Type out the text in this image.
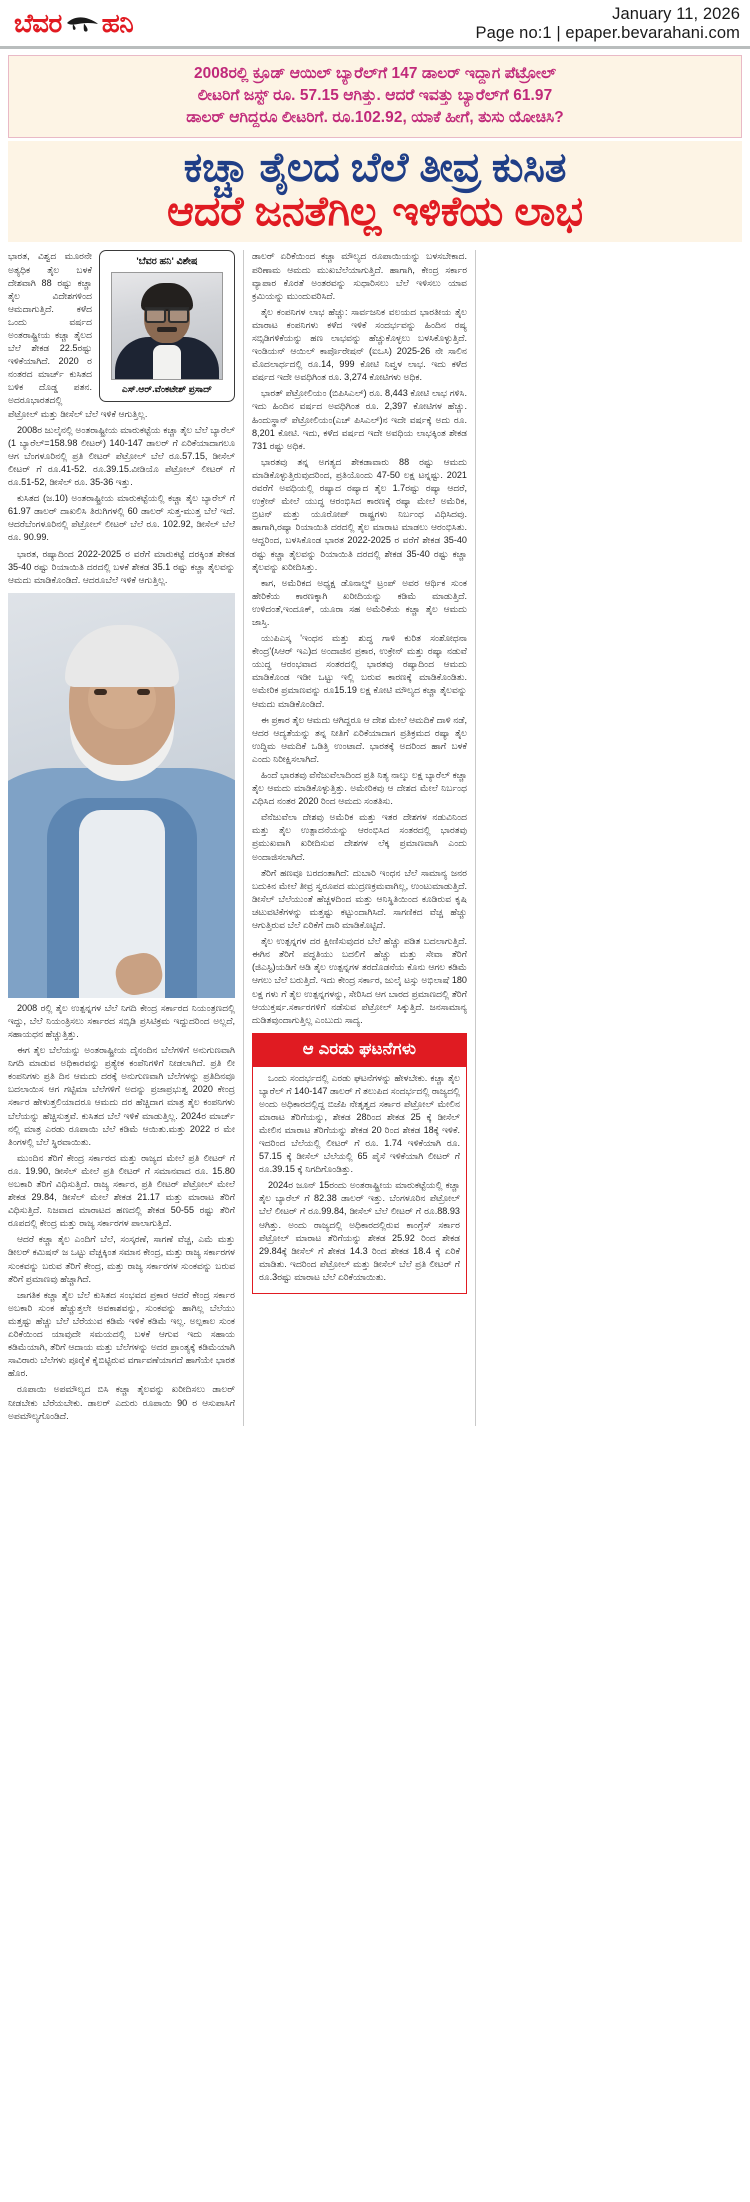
ಬೆವರ ಹನಿ	January 11, 2026
Page no:1 | epaper.bevarahani.com
2008ರಲ್ಲಿ ಕ್ರೂಡ್ ಆಯಿಲ್ ಬ್ಯಾರೆಲ್‌ಗೆ 147 ಡಾಲರ್ ಇದ್ದಾಗ ಪೆಟ್ರೋಲ್
ಲೀಟರಿಗೆ ಜಸ್ಟ್ ರೂ. 57.15 ಆಗಿತ್ತು. ಆದರೆ ಇವತ್ತು ಬ್ಯಾರೆಲ್‌ಗೆ 61.97
ಡಾಲರ್ ಆಗಿದ್ದರೂ ಲೀಟರಿಗೆ. ರೂ.102.92, ಯಾಕೆ ಹೀಗೆ, ತುಸು ಯೋಚಿಸಿ?
ಕಚ್ಚಾ ತೈಲದ ಬೆಲೆ ತೀವ್ರ ಕುಸಿತ
ಆದರೆ ಜನತೆಗಿಲ್ಲ ಇಳಿಕೆಯ ಲಾಭ
'ಬೆವರ ಹನಿ' ವಿಶೇಷ
ಎಸ್.ಆರ್.ವೆಂಕಟೇಶ್ ಪ್ರಸಾದ್

ಭಾರತ, ವಿಶ್ವದ ಮೂರನೇ ಅತ್ಯಧಿಕ ತೈಲ ಬಳಕೆ ದೇಶವಾಗಿ 88 ರಷ್ಟು ಕಚ್ಚಾ ತೈಲ ವಿದೇಶಗಳಿಂದ ಆಮದಾಗುತ್ತಿದೆ. ಕಳೆದ ಒಂದು ವರ್ಷದ ಅಂತರಾಷ್ಟ್ರೀಯ ಕಚ್ಚಾ ತೈಲದ ಬೆಲೆ ಶೇಕಡ 22.5ರಷ್ಟು ಇಳಿಕೆಯಾಗಿದೆ. 2020 ರ ನಂತರದ ಮಾರ್ಚ್ ಕುಸಿತದ ಬಳಿಕ ದೊಡ್ಡ ಪತನ. ಅದರೂಭಾರತದಲ್ಲಿ ಪೆಟ್ರೋಲ್ ಮತ್ತು ಡೀಸೆಲ್ ಬೆಲೆ ಇಳಿಕೆ ಆಗುತ್ತಿಲ್ಲ.

2008ರ ಜುಲೈನಲ್ಲಿ ಅಂತರಾಷ್ಟ್ರೀಯ ಮಾರುಕಟ್ಟೆಯ ಕಚ್ಚಾ ತೈಲ ಬೆಲೆ ಬ್ಯಾರೆಲ್ (1 ಬ್ಯಾರೆಲ್=158.98 ಲೀಟರ್) 140-147 ಡಾಲರ್ ಗೆ ಏರಿಕೆಯಾದಾಗಲೂ ಆಗ ಬೆಂಗಳೂರಿನಲ್ಲಿ ಪ್ರತಿ ಲೀಟರ್ ಪೆಟ್ರೋಲ್ ಬೆಲೆ ರೂ.57.15, ಡೀಸೆಲ್ ಲೀಟರ್ ಗೆ ರೂ.41-52. ರೂ.39.15.ವೀಡಿಯೊ ಪೆಟ್ರೋಲ್ ಲೀಟರ್ ಗೆ ರೂ.51-52, ಡೀಸೆಲ್ ರೂ. 35-36 ಇತ್ತು.

ಕುಸಿತದ (ಜ.10) ಅಂತರಾಷ್ಟ್ರೀಯ ಮಾರುಕಟ್ಟೆಯಲ್ಲಿ ಕಚ್ಚಾ ತೈಲ ಬ್ಯಾರೆಲ್ ಗೆ 61.97 ಡಾಲರ್ ದಾಖಲಿಸಿ ತಿರುಗಿಗಳಲ್ಲಿ 60 ಡಾಲರ್ ಸುತ್ತ-ಮುತ್ತ ಬೆಲೆ ಇದೆ. ಆದರೆಬೆಂಗಳೂರಿನಲ್ಲಿ ಪೆಟ್ರೋಲ್ ಲೀಟರ್ ಬೆಲೆ ರೂ. 102.92, ಡೀಸೆಲ್ ಬೆಲೆ ರೂ. 90.99.

ಭಾರತ, ರಷ್ಯಾದಿಂದ 2022-2025 ರ ವರೆಗೆ ಮಾರುಕಟ್ಟೆ ದರಕ್ಕಿಂತ ಶೇಕಡ 35-40 ರಷ್ಟು ರಿಯಾಯಿತಿ ದರದಲ್ಲಿ ಬಳಕೆ ಶೇಕಡ 35.1 ರಷ್ಟು ಕಚ್ಚಾ ತೈಲವನ್ನು ಆಮದು ಮಾಡಿಕೊಂಡಿದೆ. ಆದರೂಬೆಲೆ ಇಳಿಕೆ ಆಗುತ್ತಿಲ್ಲ.

2008 ರಲ್ಲಿ ತೈಲ ಉತ್ಪನ್ನಗಳ ಬೆಲೆ ನಿಗದಿ ಕೇಂದ್ರ ಸರ್ಕಾರದ ನಿಯಂತ್ರಣದಲ್ಲಿ ಇದ್ದು, ಬೆಲೆ ನಿಯಂತ್ರಿಸಲು ಸರ್ಕಾರದ ಸಬ್ಸಿಡಿ ಪ್ರಸಿಟಿಕ್ರಮ ಇದ್ದುದರಿಂದ ಅಲ್ಲದೆ, ಸಹಾಯಧನ ಹೆಚ್ಚುತ್ತಿತ್ತು.

ಈಗ ತೈಲ ಬೆಲೆಯನ್ನು ಅಂತರಾಷ್ಟ್ರೀಯ ದೈನಂದಿನ ಬೆಲೆಗಳಿಗೆ ಅನುಗುಣವಾಗಿ ನಿಗದಿ ಮಾಡುವ ಅಧಿಕಾರವನ್ನು ಪ್ರತ್ಯೇಕ ಕಂಪೆನಿಗಳಿಗೆ ನೀಡಲಾಗಿದೆ. ಪ್ರತಿ ಲೀ ಕಂಪನಿಗಳು ಪ್ರತಿ ದಿನ ಆಮದು ದರಕ್ಕೆ ಅನುಗುಣವಾಗಿ ಬೆಲೆಗಳನ್ನು ಪ್ರತಿದಿನವೂ ಬದಲಾಯಿಸ ಆಗ ಗಟ್ಟಿಮಾ ಬೆಲೆಗಳಿಗೆ ಅದನ್ನು ಪ್ರಜಾಪ್ರಭುತ್ವ 2020 ಕೇಂದ್ರ ಸರ್ಕಾರ ಹೇಳುತ್ತಲಿಯಾದರೂ ಆಮದು ದರ ಹೆಚ್ಚಿದಾಗ ಮಾತ್ರ ತೈಲ ಕಂಪನಿಗಳು ಬೆಲೆಯನ್ನು ಹೆಚ್ಚಿಸುತ್ತವೆ. ಕುಸಿತದ ಬೆಲೆ ಇಳಿಕೆ ಮಾಡುತ್ತಿಲ್ಲ. 2024ರ ಮಾರ್ಚ್ ನಲ್ಲಿ ಮಾತ್ರ ಎರಡು ರೂಪಾಯಿ ಬೆಲೆ ಕಡಿಮೆ ಆಯಿತು.ಮತ್ತು 2022 ರ ಮೇ ತಿಂಗಳಲ್ಲಿ ಬೆಲೆ ಸ್ಥಿರವಾಯಿತು.

ಮುಂದಿನ ತೆರಿಗೆ ಕೇಂದ್ರ ಸರ್ಕಾರದ ಮತ್ತು ರಾಜ್ಯದ ಮೇಲೆ ಪ್ರತಿ ಲೀಟರ್ ಗೆ ರೂ. 19.90, ಡೀಸೆಲ್ ಮೇಲೆ ಪ್ರತಿ ಲೀಟರ್ ಗೆ ಸಮಾನವಾದ ರೂ. 15.80 ಅಬಕಾರಿ ತೆರಿಗೆ ವಿಧಿಸುತ್ತಿದೆ. ರಾಜ್ಯ ಸರ್ಕಾರ, ಪ್ರತಿ ಲೀಟರ್ ಪೆಟ್ರೋಲ್ ಮೇಲೆ ಶೇಕಡ 29.84, ಡೀಸೆಲ್ ಮೇಲೆ ಶೇಕಡ 21.17 ಮತ್ತು ಮಾರಾಟ ತೆರಿಗೆ ವಿಧಿಸುತ್ತಿದೆ. ನಿಜವಾದ ಮಾರಾಟದ ಹಣದಲ್ಲಿ ಶೇಕಡ 50-55 ರಷ್ಟು ತೆರಿಗೆ ರೂಪದಲ್ಲಿ ಕೇಂದ್ರ ಮತ್ತು ರಾಜ್ಯ ಸರ್ಕಾರಗಳ ಪಾಲಾಗುತ್ತಿದೆ.

ಆದರೆ ಕಚ್ಚಾ ತೈಲ ಎಂದಿಗೆ ಬೆಲೆ, ಸಂಸ್ಕರಣೆ, ಸಾಗಣೆ ವೆಚ್ಚ, ಎಮೆ ಮತ್ತು ಡೀಲರ್ ಕಮಿಷನ್ ಜ ಒಟ್ಟು ವೆಚ್ಚಕ್ಕಿಂತ ಸಮಾನ ಕೇಂದ್ರ, ಮತ್ತು ರಾಜ್ಯ ಸರ್ಕಾರಗಳ ಸುಂಕವನ್ನು ಬರುವ ತೆರಿಗೆ ಕೇಂದ್ರ, ಮತ್ತು ರಾಜ್ಯ ಸರ್ಕಾರಗಳ ಸುಂಕವನ್ನು ಬರುವ ತೆರಿಗೆ ಪ್ರಮಾಣವು ಹೆಚ್ಚಾಗಿದೆ.

ಜಾಗತಿಕ ಕಚ್ಚಾ ತೈಲ ಬೆಲೆ ಕುಸಿತದ ಸಂಭವದ ಪ್ರಕಾರ ಆದರೆ ಕೇಂದ್ರ ಸರ್ಕಾರ ಅಬಕಾರಿ ಸುಂಕ ಹೆಚ್ಚುತ್ತಲೇ ಅವಕಾಶವನ್ನು, ಸುಂಕವನ್ನು ಹಾಗಿಲ್ಲ ಬೆಲೆಯು ಮತ್ತಷ್ಟು ಹೆಚ್ಚು ಬೆಲೆ ಬೆರೆಯುವ ಕಡಿಮೆ ಇಳಿಕೆ ಕಡಿಮೆ ಇಲ್ಲ. ಅಲ್ಪಕಾಲ ಸುಂಕ ಏರಿಕೆಯಿಂದ ಯಾವುದೇ ಸಮಯದಲ್ಲಿ ಬಳಕೆ ಆಗುವ ಇದು ಸಹಾಯ ಕಡಿಮೆಯಾಗಿ, ತೆರಿಗೆ ಆದಾಯ ಮತ್ತು ಬೆಲೆಗಳನ್ನು ಅದರ ಪ್ರಾಂತ್ಯಕ್ಕೆ ಕಡಿಮೆಯಾಗಿ ಸಾವಿರಾರು ಬೆಲೆಗಳು ಪೂರೈಕೆ ಕೈಬಿಟ್ಟಿರುವ ವರ್ಗಾವಣೆಯಾಗದೆ ಹಾಗೆಯೇ ಭಾರತ ಹೊರ.

ರೂಪಾಯಿ ಅಪಮೌಲ್ಯದ ಬಿಸಿ ಕಚ್ಚಾ ತೈಲವನ್ನು ಖರೀದಿಸಲು ಡಾಲರ್ ನೀಡಬೇಕು ಬೆರೆಯಬೇಕು. ಡಾಲರ್ ಎದುರು ರೂಪಾಯಿ 90 ರ ಆಸುಪಾಸಿಗೆ ಅಪಮೌಲ್ಯಗೊಂಡಿದೆ.

ಡಾಲರ್ ಏರಿಕೆಯಿಂದ ಕಚ್ಚಾ ಮೌಲ್ಯದ ರೂಪಾಯಿಯನ್ನು ಬಳಸಬೇಕಾದ. ಪರಿಣಾಮ ಆಮದು ಮುಖಬೆಲೆಯಾಗುತ್ತಿದೆ. ಹಾಗಾಗಿ, ಕೇಂದ್ರ ಸರ್ಕಾರ ವ್ಯಾಪಾರ ಕೊರತೆ ಅಂತರವನ್ನು ಸುಧಾರಿಸಲು ಬೆಲೆ ಇಳಿಸಲು ಯಾವ ಕ್ರಮಿಯನ್ನು ಮುಂದುವರಿಸಿದೆ.

ತೈಲ ಕಂಪನಿಗಳ ಲಾಭ ಹೆಚ್ಚು: ಸಾರ್ವಜನಿಕ ವಲಯದ ಭಾರತೀಯ ತೈಲ ಮಾರಾಟ ಕಂಪನಿಗಳು ಕಳೆದ ಇಳಿಕೆ ಸಂದರ್ಭವನ್ನು ಹಿಂದಿನ ರಷ್ಯ ಸಬ್ಸಿಡಿಗಳಿಕೆಯನ್ನು ಹಣ ಲಾಭವನ್ನು ಹೆಚ್ಚುಕೊಳ್ಳಲು ಬಳಸಿಕೊಳ್ಳುತ್ತಿದೆ. ಇಂಡಿಯನ್ ಆಯಿಲ್ ಕಾರ್ಪೊರೇಷನ್ (ಐಒಸಿ) 2025-26 ನೇ ಸಾಲಿನ ಮೊದಲಾರ್ಧದಲ್ಲಿ ರೂ.14, 999 ಕೋಟಿ ನಿವ್ವಳ ಲಾಭ. ಇದು ಕಳೆದ ವರ್ಷದ ಇದೇ ಅವಧಿಗಿಂತ ರೂ. 3,274 ಕೋಟಿಗಳು ಅಧಿಕ.

ಭಾರತ್ ಪೆಟ್ರೋಲಿಯಂ (ಬಿಪಿಸಿಎಲ್) ರೂ. 8,443 ಕೋಟಿ ಲಾಭ ಗಳಿಸಿ. ಇದು ಹಿಂದಿನ ವರ್ಷದ ಅವಧಿಗಿಂತ ರೂ. 2,397 ಕೋಟಿಗಳ ಹೆಚ್ಚು. ಹಿಂದುಸ್ಥಾನ್ ಪೆಟ್ರೋಲಿಯಂ(ಎಚ್ ಪಿಸಿಎಲ್)ನ ಇದೇ ವರ್ಷಕ್ಕೆ ಅದು ರೂ. 8,201 ಕೋಟಿ. ಇದು, ಕಳೆದ ವರ್ಷದ ಇದೇ ಅವಧಿಯ ಲಾಭಕ್ಕಿಂತ ಶೇಕಡ 731 ರಷ್ಟು ಅಧಿಕ.

ಭಾರತವು ತನ್ನ ಅಗತ್ಯದ ಶೇಕಡಾವಾರು 88 ರಷ್ಟು ಆಮದು ಮಾಡಿಕೊಳ್ಳುತ್ತಿರುವುದರಿಂದ, ಪ್ರತಿಯೊಂದು 47-50 ಲಕ್ಷ ಟನ್ನಷ್ಟು. 2021 ರವರೆಗೆ ಅವಧಿಯಲ್ಲಿ ರಷ್ಯಾದ ರಷ್ಯಾದ ತೈಲ 1.7ರಷ್ಟು ರಷ್ಯಾ ಆದರೆ, ಉಕ್ರೇನ್ ಮೇಲೆ ಯುದ್ಧ ಆರಂಭಿಸಿದ ಕಾರಣಕ್ಕೆ ರಷ್ಯಾ ಮೇಲೆ ಅಮೆರಿಕ, ಬ್ರಿಟನ್ ಮತ್ತು ಯೂರೋಪ್ ರಾಷ್ಟ್ರಗಳು ನಿರ್ಬಂಧ ವಿಧಿಸಿದವು. ಹಾಗಾಗಿ,ರಷ್ಯಾ ರಿಯಾಯಿತಿ ದರದಲ್ಲಿ ತೈಲ ಮಾರಾಟ ಮಾಡಲು ಆರಂಭಿಸಿತು. ಆದ್ದರಿಂದ, ಬಳಸಿಕೊಂಡ ಭಾರತ 2022-2025 ರ ವರೆಗೆ ಶೇಕಡ 35-40 ರಷ್ಟು ಕಚ್ಚಾ ತೈಲವನ್ನು ರಿಯಾಯಿತಿ ದರದಲ್ಲಿ ಶೇಕಡ 35-40 ರಷ್ಟು ಕಚ್ಚಾ ತೈಲವನ್ನು ಖರೀದಿಸಿತ್ತು.

ಕಾಗ, ಅಮೆರಿಕದ ಅಧ್ಯಕ್ಷ ಡೊನಾಲ್ಡ್ ಟ್ರಂಪ್ ಅವರ ಆರ್ಥಿಕ ಸುಂಕ ಹೇರಿಕೆಯ ಕಾರಣಕ್ಕಾಗಿ ಖರೀದಿಯನ್ನು ಕಡಿಮೆ ಮಾಡುತ್ತಿದೆ. ಉಳಿದಂತೆ,ಇಂದೂಕ್, ಯೂರಾ ಸಹ ಅಮೆರಿಕೆಯ ಕಚ್ಚಾ ತೈಲ ಆಮದು ಜಾಸ್ತಿ.

ಯುಪಿಎಸ್ಕ 'ಇಂಧನ ಮತ್ತು ಶುದ್ಧ ಗಾಳಿ ಕುರಿತ ಸಂಶೋಧನಾ ಕೇಂದ್ರ'(ಸಿಆರ್ ಇಎ)ದ ಅಂದಾಜಿನ ಪ್ರಕಾರ, ಉಕ್ರೇನ್ ಮತ್ತು ರಷ್ಯಾ ನಡುವೆ ಯುದ್ಧ ಆರಂಭವಾದ ಸಂತರದಲ್ಲಿ ಭಾರತವು ರಷ್ಯಾದಿಂದ ಆಮದು ಮಾಡಿಕೊಂಡ ಇಡೀ ಒಟ್ಟು ಇಲ್ಲಿ ಬರುವ ಕಾರಣಕ್ಕೆ ಮಾಡಿಕೊಂಡಿತು. ಅಮೇರಿಕ ಪ್ರಮಾಣವನ್ನು ರೂ15.19 ಲಕ್ಷ ಕೋಟಿ ಮೌಲ್ಯದ ಕಚ್ಚಾ ತೈಲವನ್ನು ಆಮದು ಮಾಡಿಕೊಂಡಿದೆ.

ಈ ಪ್ರಕಾರ ತೈಲ ಆಮದು ಆಗಿದ್ದರೂ ಆ ದೇಶ ಮೇಲೆ ಆಮದಿಕೆ ದಾಳಿ ನಡೆ, ಆದರ ಆದ್ಯತೆಯನ್ನು ತನ್ನ ನೀತಿಗೆ ಏರಿಕೆಯಾದಾಗ ಪ್ರತಿಕ್ರಮದ ರಷ್ಯಾ ತೈಲ ಉದ್ದಿಮ ಆಮದಿಕೆ ಒಡಿತ್ತಿ ಉಂಟಾದೆ. ಭಾರತಕ್ಕೆ ಅದರಿಂದ ಹಾಗೆ ಬಳಕೆ ಎಂದು ನಿರೀಕ್ಷಿಸಲಾಗಿದೆ.

ಹಿಂದೆ ಭಾರತವು ವೆನೆಜುವೆಲಾದಿಂದ ಪ್ರತಿ ನಿತ್ಯ ನಾಲ್ಕು ಲಕ್ಷ ಬ್ಯಾರೆಲ್ ಕಚ್ಚಾ ತೈಲ ಆಮದು ಮಾಡಿಕೊಳ್ಳುತ್ತಿತ್ತು. ಅಮೇರಿಕವು ಆ ದೇಶದ ಮೇಲೆ ನಿರ್ಬಂಧ ವಿಧಿಸಿದ ನಂತರ 2020 ರಿಂದ ಆಮದು ಸಂತತಿಸು.

ವೆನೆಜುವೆಲಾ ದೇಶವು ಅಮೆರಿಕ ಮತ್ತು ಇತರ ದೇಶಗಳ ನಡುವಿನಿಂದ ಮತ್ತು ತೈಲ ಉತ್ಪಾದನೆಯನ್ನು ಆರಂಭಿಸಿದ ಸಂತರದಲ್ಲಿ ಭಾರತವು ಪ್ರಮುಖವಾಗಿ ಖರೀದಿಸುವ ದೇಶಗಳ ಲೆಕ್ಕ ಪ್ರಮಾಣವಾಗಿ ಎಂದು ಅಂದಾಜಿಸಲಾಗಿದೆ.

ತೆರಿಗೆ ಹಣವೂ ಬರದಂತಾಗಿದೆ: ದುಬಾರಿ ಇಂಧನ ಬೆಲೆ ಸಾಮಾನ್ಯ ಜನರ ಬದುಕಿನ ಮೇಲೆ ತೀವ್ರ ಸ್ವರೂಪದ ಮುದ್ರಣಕ್ರಮವಾಗಿಲ್ಲ, ಉಂಟುಮಾಡುತ್ತಿದೆ. ಡೀಸೆಲ್ ಬೆಲೆಯುಂತೆ ಹೆಚ್ಚಳದಿಂದ ಮತ್ತು ಆನಿಸ್ಥಿತಿಯಿಂದ ಕೂಡಿರುವ ಕೃಷಿ ಚಟುವಟಿಕೆಗಳನ್ನು ಮತ್ತಷ್ಟು ಕಟ್ಟುಂದಾಗಿಸಿದೆ. ಸಾಗಣಿಕದ ವೆಚ್ಚ ಹೆಚ್ಚು ಆಗುತ್ತಿರುವ ಬೆಲೆ ಏರಿಕೆಗೆ ದಾರಿ ಮಾಡಿಕೊಟ್ಟಿದೆ.

ತೈಲ ಉತ್ಪನ್ನಗಳ ದರ ಕ್ಷೀಣಿಸುವುದರ ಬೆಲೆ ಹೆಚ್ಚು ಪಡಿತ ಬದಲಾಗುತ್ತಿದೆ. ಈಗಿನ ತೆರಿಗೆ ಪದ್ಧತಿಯು ಬದಲಿಗೆ ಹೆಚ್ಚು ಮತ್ತು ಸೇವಾ ತೆರಿಗೆ (ಜಿಎಸ್ಟಿ)ಯಡಿಗೆ ಆಡಿ ತೈಲ ಉತ್ಪನ್ನಗಳ ತರದೊಡನೆಯ ಕೊನು ಆಗಲ ಕಡಿಮೆ ಆಗಲು ಬೆಲೆ ಬರುತ್ತಿದೆ. ಇದು ಕೇಂದ್ರ ಸರ್ಕಾರ, ಜುಲೈ ಟಸ್ಸು ಅಭಿಲಾಷೆ 180 ಲಕ್ಷ ಗಳು ಗೆ ತೈಲ ಉತ್ಪನ್ನಗಳನ್ನು, ಸೇರಿಸಿದ ಆಗ ಬಾರದ ಪ್ರಮಾಣದಲ್ಲಿ ತೆರಿಗೆ ಆಯುಕ್ತರ್ಷ.ಸರ್ಕಾರಗಳಿಗೆ ನಡೆಸುವ ಪೆಟ್ರೋಲ್ ಸಿಕ್ಕುತ್ತಿದೆ. ಜನಸಾಮಾನ್ಯ ದುಡಿತವುಂದಾಗುತ್ತಿಲ್ಲ ಎಂಬುದು ಸಾದ್ಯ.

ಆ ಎರಡು ಘಟನೆಗಳು

ಒಂದು ಸಂದರ್ಭದಲ್ಲಿ ಎರಡು ಘಟನೆಗಳನ್ನು ಹೇಳಬೇಕು. ಕಚ್ಚಾ ತೈಲ ಬ್ಯಾರೆಲ್ ಗೆ 140-147 ಡಾಲರ್ ಗೆ ತಲುಪಿದ ಸಂದರ್ಭದಲ್ಲಿ ರಾಜ್ಯದಲ್ಲಿ ಅಂದು ಅಧಿಕಾರದಲ್ಲಿದ್ದ ಬಿಜೆಪಿ ನೇತೃತ್ವದ ಸರ್ಕಾರ ಪೆಟ್ರೋಲ್ ಮೇಲಿನ ಮಾರಾಟ ತೆರಿಗೆಯನ್ನು, ಶೇಕಡ 28ರಿಂದ ಶೇಕಡ 25 ಕ್ಕೆ ಡೀಸೆಲ್ ಮೇಲಿನ ಮಾರಾಟ ತೆರಿಗೆಯನ್ನು ಶೇಕಡ 20 ರಿಂದ ಶೇಕಡ 18ಕ್ಕೆ ಇಳಿಕೆ. ಇದರಿಂದ ಬೆಲೆಯಲ್ಲಿ ಲೀಟರ್ ಗೆ ರೂ. 1.74 ಇಳಿಕೆಯಾಗಿ ರೂ. 57.15 ಕ್ಕೆ ಡೀಸೆಲ್ ಬೆಲೆಯಲ್ಲಿ 65 ಪೈಸೆ ಇಳಿಕೆಯಾಗಿ ಲೀಟರ್ ಗೆ ರೂ.39.15 ಕ್ಕೆ ನಿಗದಿಗೊಂಡಿತ್ತು.

2024ರ ಜೂನ್ 15ರಂದು ಅಂತರಾಷ್ಟ್ರೀಯ ಮಾರುಕಟ್ಟೆಯಲ್ಲಿ ಕಚ್ಚಾ ತೈಲ ಬ್ಯಾರೆಲ್ ಗೆ 82.38 ಡಾಲರ್ ಇತ್ತು. ಬೆಂಗಳೂರಿನ ಪೆಟ್ರೋಲ್ ಬೆಲೆ ಲೀಟರ್ ಗೆ ರೂ.99.84, ಡೀಸೆಲ್ ಬೆಲೆ ಲೀಟರ್ ಗೆ ರೂ.88.93 ಆಗಿತ್ತು. ಅಂದು ರಾಜ್ಯದಲ್ಲಿ ಅಧಿಕಾರದಲ್ಲಿರುವ ಕಾಂಗ್ರೆಸ್ ಸರ್ಕಾರ ಪೆಟ್ರೋಲ್ ಮಾರಾಟ ತೆರಿಗೆಯನ್ನು ಶೇಕಡ 25.92 ರಿಂದ ಶೇಕಡ 29.84ಕ್ಕೆ ಡೀಸೆಲ್ ಗೆ ಶೇಕಡ 14.3 ರಿಂದ ಶೇಕಡ 18.4 ಕ್ಕೆ ಏರಿಕೆ ಮಾಡಿತು. ಇದರಿಂದ ಪೆಟ್ರೋಲ್ ಮತ್ತು ಡೀಸೆಲ್ ಬೆಲೆ ಪ್ರತಿ ಲೀಟರ್ ಗೆ ರೂ.3ರಷ್ಟು ಮಾರಾಟ ಬೆಲೆ ಏರಿಕೆಯಾಯಿತು.
